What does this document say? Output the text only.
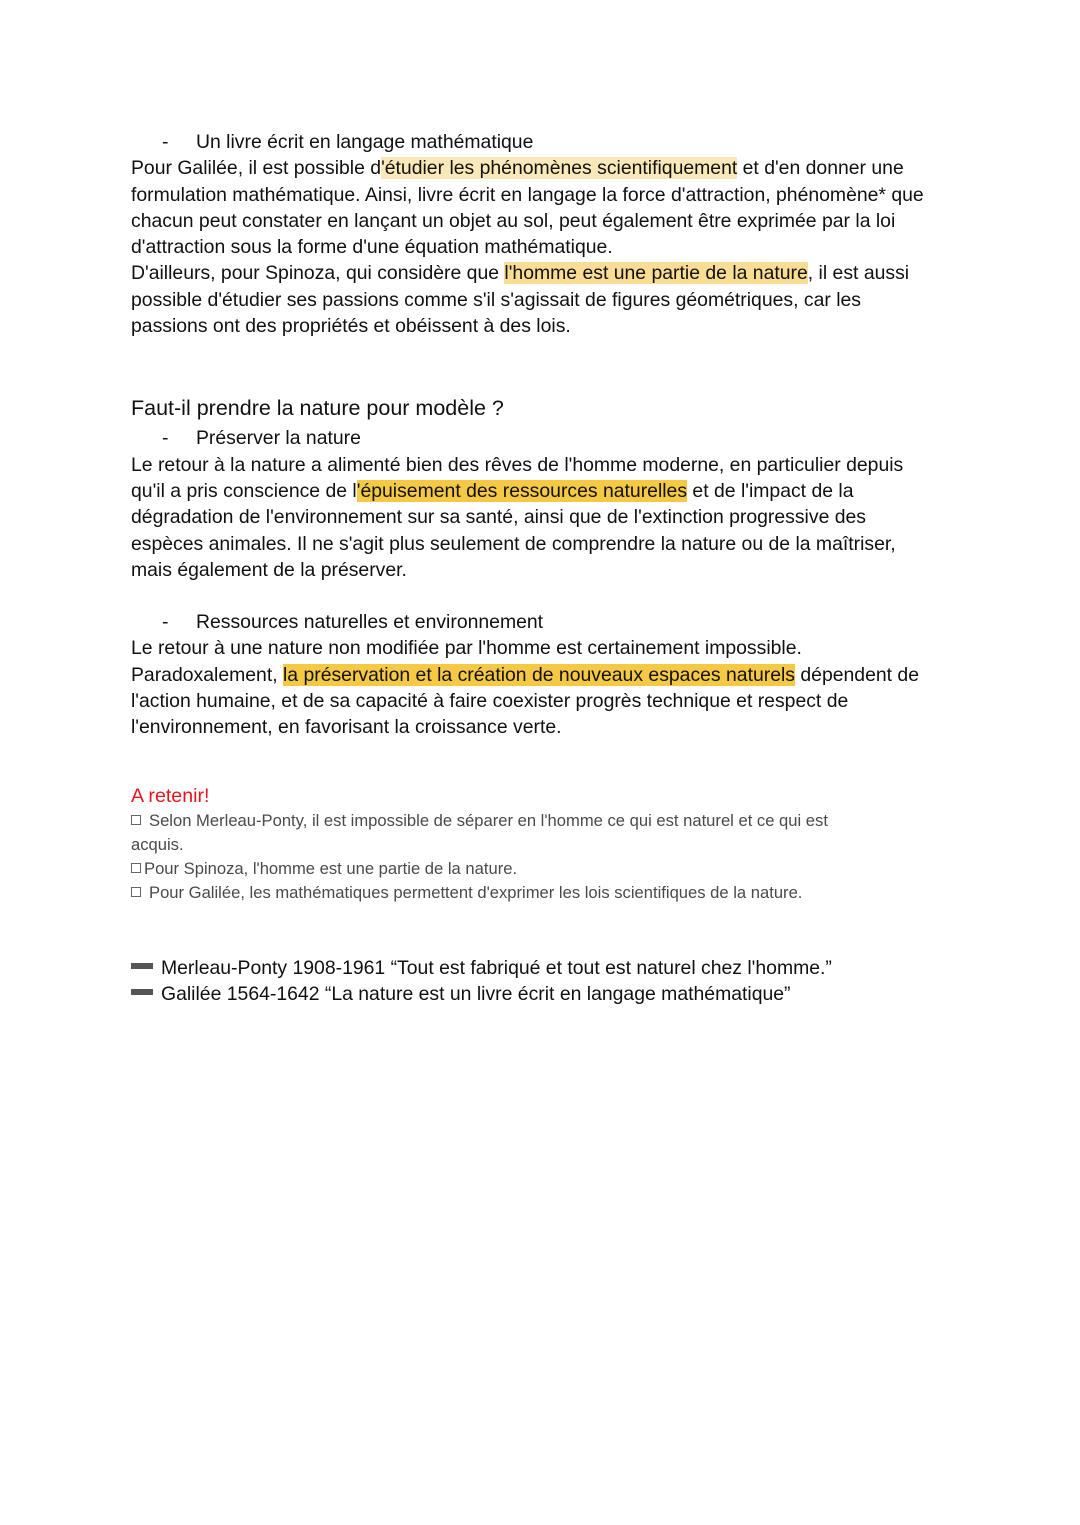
- Un livre écrit en langage mathématique
Pour Galilée, il est possible d'étudier les phénomènes scientifiquement et d'en donner une
formulation mathématique. Ainsi, livre écrit en langage la force d'attraction, phénomène* que
chacun peut constater en lançant un objet au sol, peut également être exprimée par la loi
d'attraction sous la forme d'une équation mathématique.
D'ailleurs, pour Spinoza, qui considère que l'homme est une partie de la nature, il est aussi
possible d'étudier ses passions comme s'il s'agissait de figures géométriques, car les
passions ont des propriétés et obéissent à des lois.
Faut-il prendre la nature pour modèle ?
- Préserver la nature
Le retour à la nature a alimenté bien des rêves de l'homme moderne, en particulier depuis
qu'il a pris conscience de l'épuisement des ressources naturelles et de l'impact de la
dégradation de l'environnement sur sa santé, ainsi que de l'extinction progressive des
espèces animales. Il ne s'agit plus seulement de comprendre la nature ou de la maîtriser,
mais également de la préserver.
- Ressources naturelles et environnement
Le retour à une nature non modifiée par l'homme est certainement impossible.
Paradoxalement, la préservation et la création de nouveaux espaces naturels dépendent de
l'action humaine, et de sa capacité à faire coexister progrès technique et respect de
l'environnement, en favorisant la croissance verte.
A retenir!
Selon Merleau-Ponty, il est impossible de séparer en l'homme ce qui est naturel et ce qui est
acquis.
Pour Spinoza, l'homme est une partie de la nature.
Pour Galilée, les mathématiques permettent d'exprimer les lois scientifiques de la nature.
Merleau-Ponty 1908-1961 “Tout est fabriqué et tout est naturel chez l'homme.”
Galilée 1564-1642 “La nature est un livre écrit en langage mathématique”
